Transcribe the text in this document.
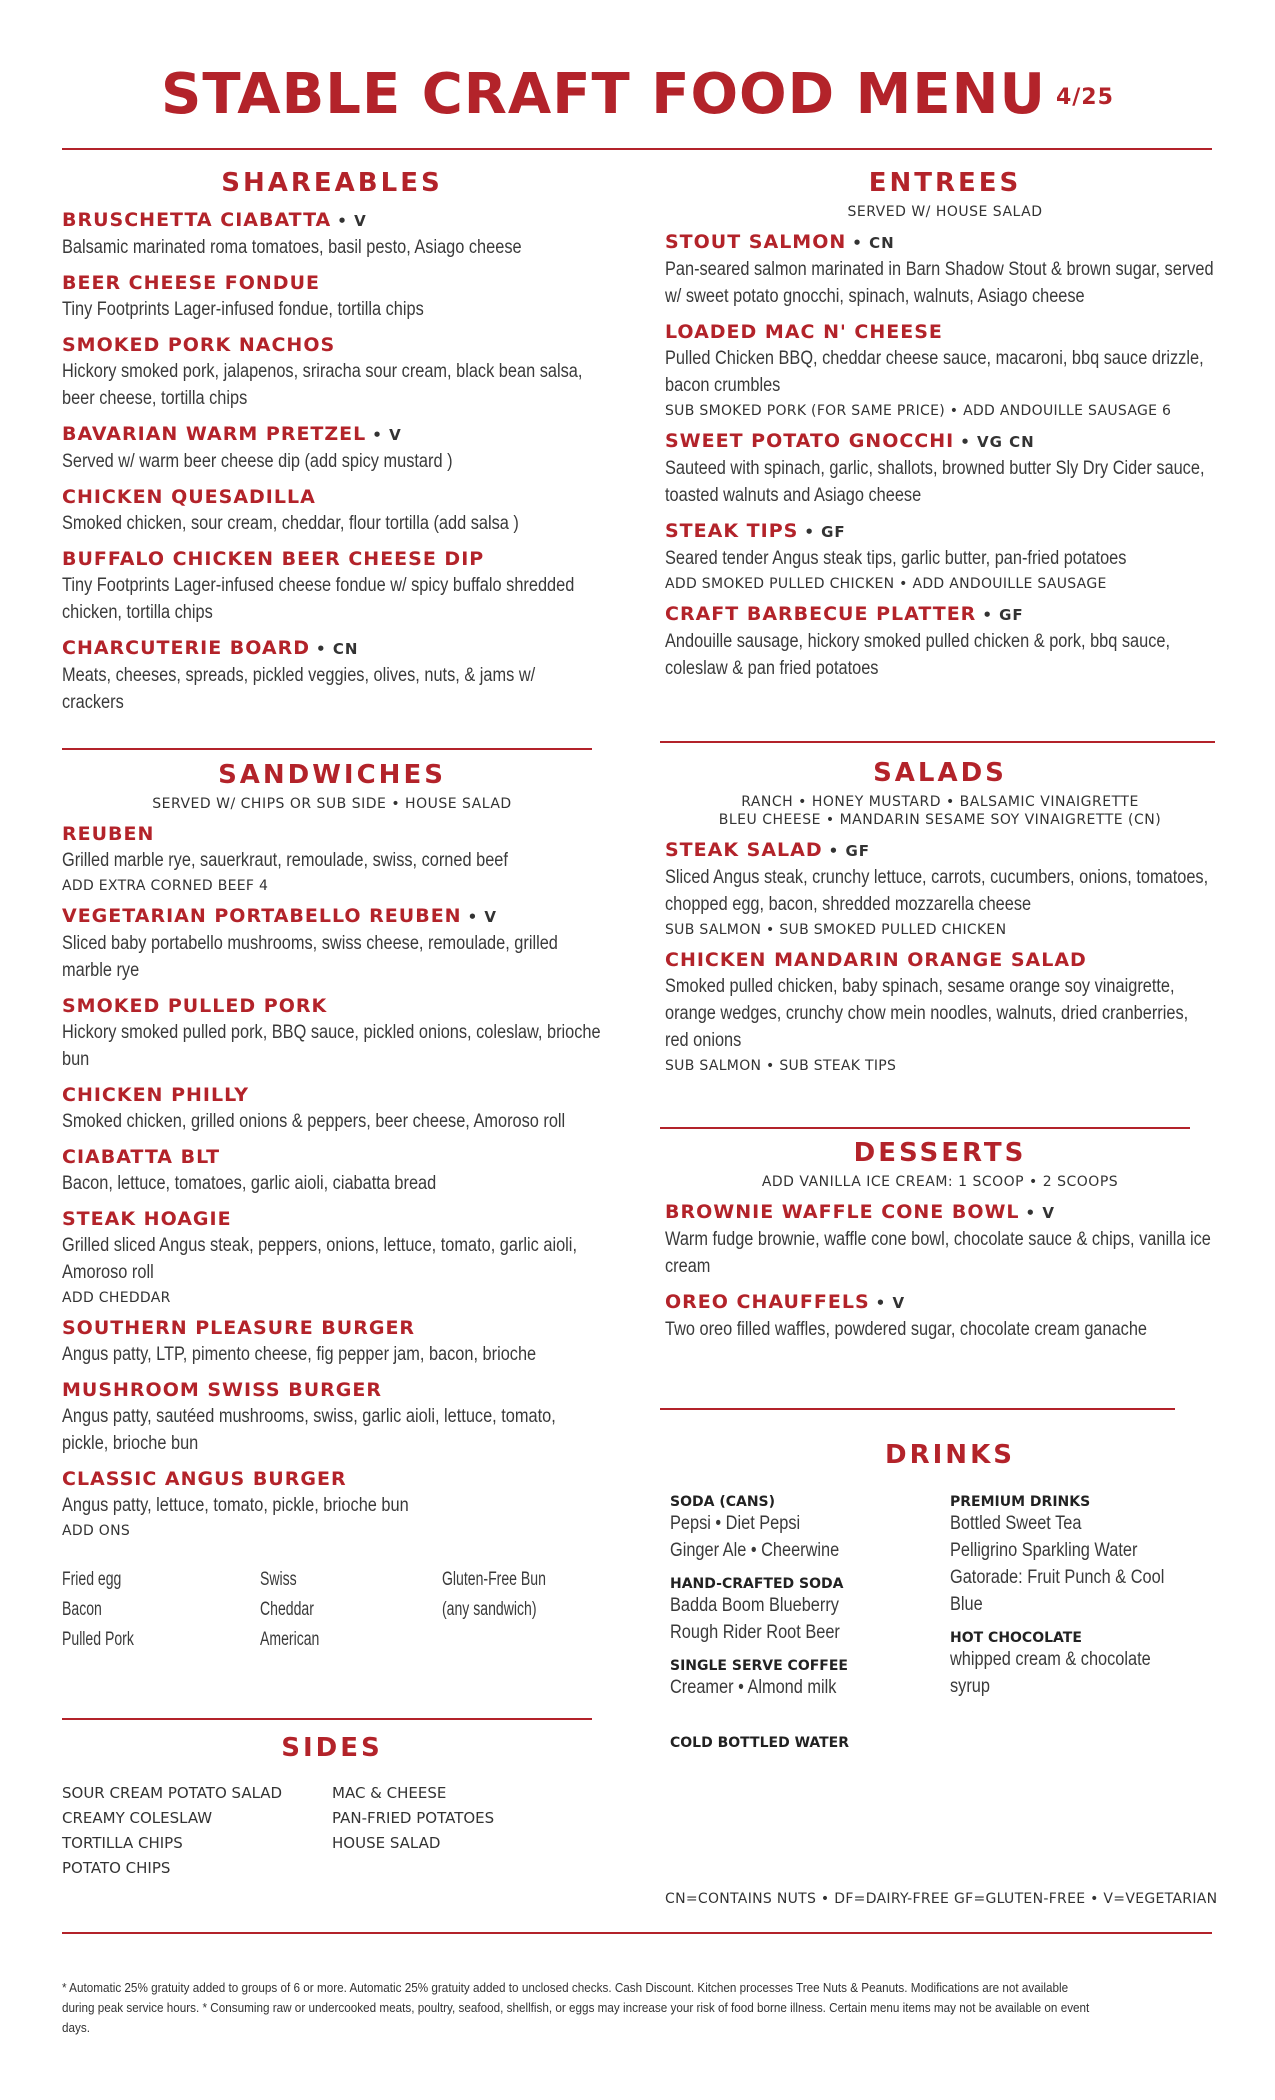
STABLE CRAFT FOOD MENU 4/25
SHAREABLES
BRUSCHETTA CIABATTA • V
Balsamic marinated roma tomatoes, basil pesto, Asiago cheese
BEER CHEESE FONDUE
Tiny Footprints Lager-infused fondue, tortilla chips
SMOKED PORK NACHOS
Hickory smoked pork, jalapenos, sriracha sour cream, black bean salsa, beer cheese, tortilla chips
BAVARIAN WARM PRETZEL • V
Served w/ warm beer cheese dip (add spicy mustard )
CHICKEN QUESADILLA
Smoked chicken, sour cream, cheddar, flour tortilla (add salsa )
BUFFALO CHICKEN BEER CHEESE DIP
Tiny Footprints Lager-infused cheese fondue w/ spicy buffalo shredded chicken, tortilla chips
CHARCUTERIE BOARD • CN
Meats, cheeses, spreads, pickled veggies, olives, nuts, & jams w/ crackers
SANDWICHES
SERVED W/ CHIPS OR SUB SIDE • HOUSE SALAD
REUBEN
Grilled marble rye, sauerkraut, remoulade, swiss, corned beef
ADD EXTRA CORNED BEEF 4
VEGETARIAN PORTABELLO REUBEN • V
Sliced baby portabello mushrooms, swiss cheese, remoulade, grilled marble rye
SMOKED PULLED PORK
Hickory smoked pulled pork, BBQ sauce, pickled onions, coleslaw, brioche bun
CHICKEN PHILLY
Smoked chicken, grilled onions & peppers, beer cheese, Amoroso roll
CIABATTA BLT
Bacon, lettuce, tomatoes, garlic aioli, ciabatta bread
STEAK HOAGIE
Grilled sliced Angus steak, peppers, onions, lettuce, tomato, garlic aioli, Amoroso roll
ADD CHEDDAR
SOUTHERN PLEASURE BURGER
Angus patty, LTP, pimento cheese, fig pepper jam, bacon, brioche
MUSHROOM SWISS BURGER
Angus patty, sautéed mushrooms, swiss, garlic aioli, lettuce, tomato, pickle, brioche bun
CLASSIC ANGUS BURGER
Angus patty, lettuce, tomato, pickle, brioche bun
ADD ONS
Fried egg
Bacon
Pulled Pork
Swiss
Cheddar
American
Gluten-Free Bun
(any sandwich)
SIDES
SOUR CREAM POTATO SALAD
CREAMY COLESLAW
TORTILLA CHIPS
POTATO CHIPS
MAC & CHEESE
PAN-FRIED POTATOES
HOUSE SALAD
ENTREES
SERVED W/ HOUSE SALAD
STOUT SALMON • CN
Pan-seared salmon marinated in Barn Shadow Stout & brown sugar, served w/ sweet potato gnocchi, spinach, walnuts, Asiago cheese
LOADED MAC N' CHEESE
Pulled Chicken BBQ, cheddar cheese sauce, macaroni, bbq sauce drizzle, bacon crumbles
SUB SMOKED PORK (FOR SAME PRICE) • ADD ANDOUILLE SAUSAGE 6
SWEET POTATO GNOCCHI • VG CN
Sauteed with spinach, garlic, shallots, browned butter Sly Dry Cider sauce, toasted walnuts and Asiago cheese
STEAK TIPS • GF
Seared tender Angus steak tips, garlic butter, pan-fried potatoes
ADD SMOKED PULLED CHICKEN • ADD ANDOUILLE SAUSAGE
CRAFT BARBECUE PLATTER • GF
Andouille sausage, hickory smoked pulled chicken & pork, bbq sauce, coleslaw & pan fried potatoes
SALADS
RANCH • HONEY MUSTARD • BALSAMIC VINAIGRETTE
BLEU CHEESE • MANDARIN SESAME SOY VINAIGRETTE (CN)
STEAK SALAD • GF
Sliced Angus steak, crunchy lettuce, carrots, cucumbers, onions, tomatoes, chopped egg, bacon, shredded mozzarella cheese
SUB SALMON • SUB SMOKED PULLED CHICKEN
CHICKEN MANDARIN ORANGE SALAD
Smoked pulled chicken, baby spinach, sesame orange soy vinaigrette, orange wedges, crunchy chow mein noodles, walnuts, dried cranberries, red onions
SUB SALMON • SUB STEAK TIPS
DESSERTS
ADD VANILLA ICE CREAM: 1 SCOOP • 2 SCOOPS
BROWNIE WAFFLE CONE BOWL • V
Warm fudge brownie, waffle cone bowl, chocolate sauce & chips, vanilla ice cream
OREO CHAUFFELS • V
Two oreo filled waffles, powdered sugar, chocolate cream ganache
DRINKS
SODA (CANS)
Pepsi • Diet Pepsi
Ginger Ale • Cheerwine
HAND-CRAFTED SODA
Badda Boom Blueberry
Rough Rider Root Beer
SINGLE SERVE COFFEE
Creamer • Almond milk
COLD BOTTLED WATER
PREMIUM DRINKS
Bottled Sweet Tea
Pelligrino Sparkling Water
Gatorade: Fruit Punch & Cool Blue
HOT CHOCOLATE
whipped cream & chocolate syrup
CN=CONTAINS NUTS • DF=DAIRY-FREE GF=GLUTEN-FREE • V=VEGETARIAN
* Automatic 25% gratuity added to groups of 6 or more. Automatic 25% gratuity added to unclosed checks. Cash Discount. Kitchen processes Tree Nuts & Peanuts. Modifications are not available during peak service hours. * Consuming raw or undercooked meats, poultry, seafood, shellfish, or eggs may increase your risk of food borne illness. Certain menu items may not be available on event days.
